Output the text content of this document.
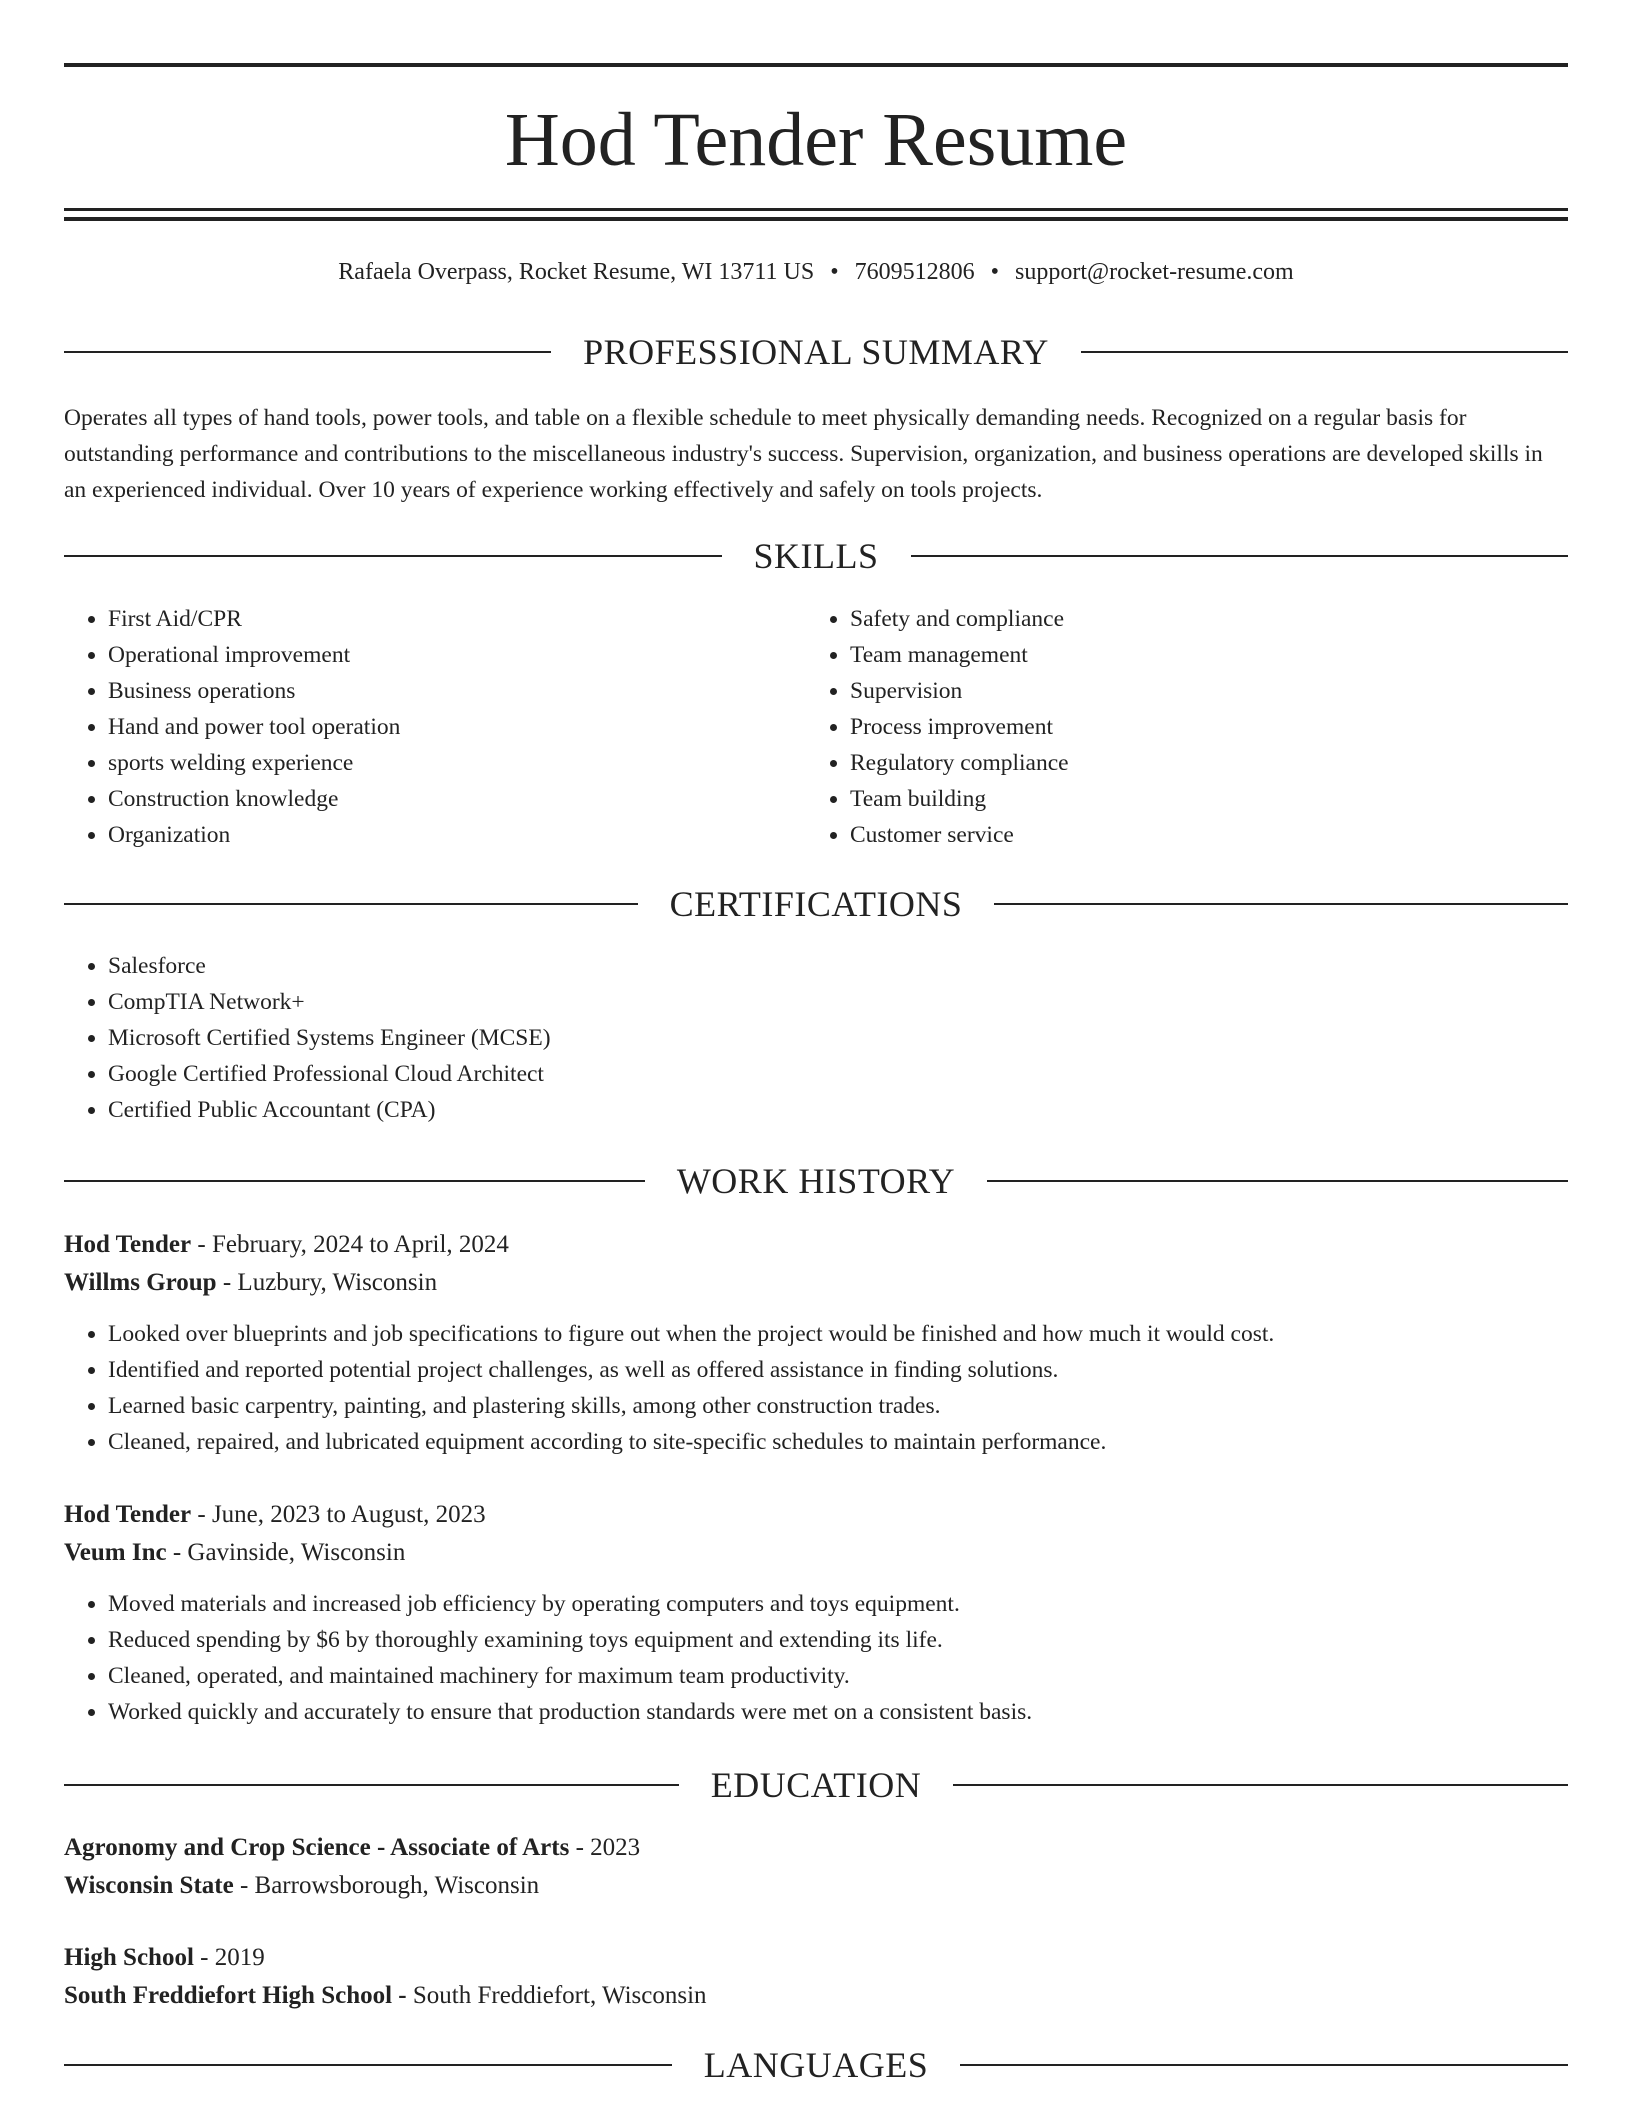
Hod Tender Resume
Rafaela Overpass, Rocket Resume, WI 13711 US • 7609512806 • support@rocket-resume.com
PROFESSIONAL SUMMARY
Operates all types of hand tools, power tools, and table on a flexible schedule to meet physically demanding needs. Recognized on a regular basis for outstanding performance and contributions to the miscellaneous industry's success. Supervision, organization, and business operations are developed skills in an experienced individual. Over 10 years of experience working effectively and safely on tools projects.
SKILLS
• First Aid/CPR
• Operational improvement
• Business operations
• Hand and power tool operation
• sports welding experience
• Construction knowledge
• Organization
• Safety and compliance
• Team management
• Supervision
• Process improvement
• Regulatory compliance
• Team building
• Customer service
CERTIFICATIONS
• Salesforce
• CompTIA Network+
• Microsoft Certified Systems Engineer (MCSE)
• Google Certified Professional Cloud Architect
• Certified Public Accountant (CPA)
WORK HISTORY
Hod Tender - February, 2024 to April, 2024
Willms Group - Luzbury, Wisconsin
• Looked over blueprints and job specifications to figure out when the project would be finished and how much it would cost.
• Identified and reported potential project challenges, as well as offered assistance in finding solutions.
• Learned basic carpentry, painting, and plastering skills, among other construction trades.
• Cleaned, repaired, and lubricated equipment according to site-specific schedules to maintain performance.
Hod Tender - June, 2023 to August, 2023
Veum Inc - Gavinside, Wisconsin
• Moved materials and increased job efficiency by operating computers and toys equipment.
• Reduced spending by $6 by thoroughly examining toys equipment and extending its life.
• Cleaned, operated, and maintained machinery for maximum team productivity.
• Worked quickly and accurately to ensure that production standards were met on a consistent basis.
EDUCATION
Agronomy and Crop Science - Associate of Arts - 2023
Wisconsin State - Barrowsborough, Wisconsin
High School - 2019
South Freddiefort High School - South Freddiefort, Wisconsin
LANGUAGES
